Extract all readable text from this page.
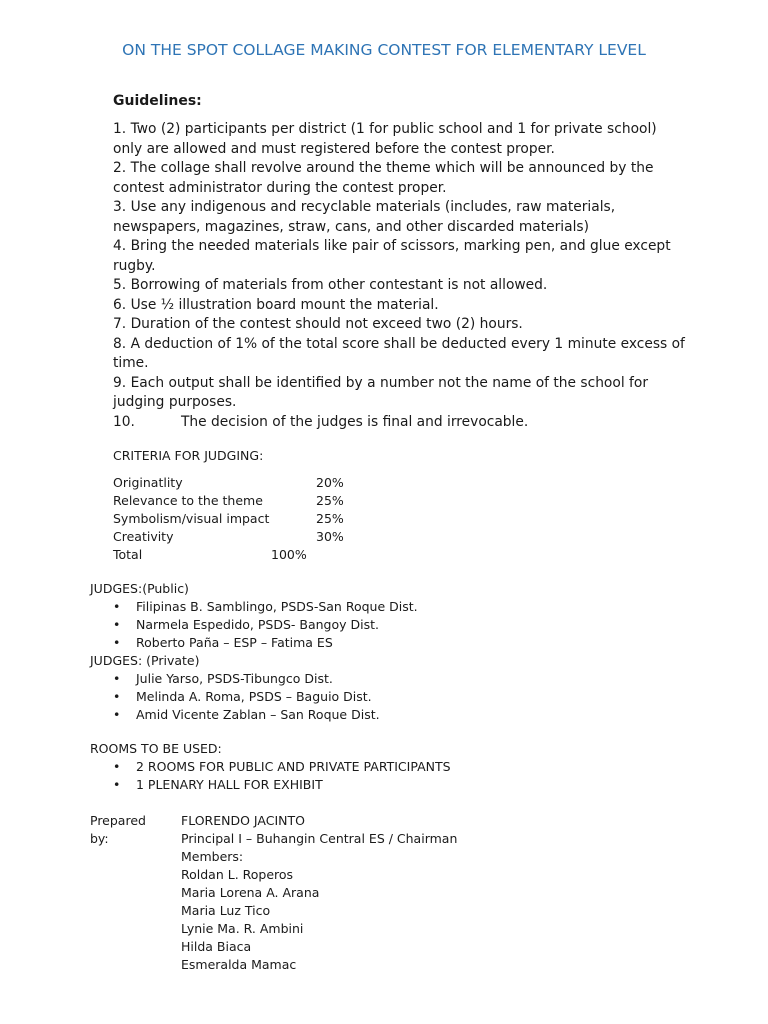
ON THE SPOT COLLAGE MAKING CONTEST FOR ELEMENTARY LEVEL
Guidelines:
1. Two (2) participants per district (1 for public school and 1 for private school) only are allowed and must registered before the contest proper.
2. The collage shall revolve around the theme which will be announced by the contest administrator during the contest proper.
3. Use any indigenous and recyclable materials (includes, raw materials, newspapers, magazines, straw, cans, and other discarded materials)
4. Bring the needed materials like pair of scissors, marking pen, and glue except rugby.
5. Borrowing of materials from other contestant is not allowed.
6. Use ½ illustration board mount the material.
7. Duration of the contest should not exceed two (2) hours.
8. A deduction of 1% of the total score shall be deducted every 1 minute excess of time.
9. Each output shall be identified by a number not the name of the school for judging purposes.
10.	The decision of the judges is final and irrevocable.

CRITERIA FOR JUDGING:

Originatlity	20%
Relevance to the theme	25%
Symbolism/visual impact	25%
Creativity	30%
Total	100%

JUDGES:(Public)

• Filipinas B. Samblingo, PSDS-San Roque Dist.
• Narmela Espedido, PSDS- Bangoy Dist.
• Roberto Paña – ESP – Fatima ES

JUDGES: (Private)

• Julie Yarso, PSDS-Tibungco Dist.
• Melinda A. Roma, PSDS – Baguio Dist.
• Amid Vicente Zablan – San Roque Dist.

ROOMS TO BE USED:

• 2 ROOMS FOR PUBLIC AND PRIVATE PARTICIPANTS
• 1 PLENARY HALL FOR EXHIBIT
Prepared by:
FLORENDO JACINTO
Principal I – Buhangin Central ES / Chairman
Members:
Roldan L. Roperos
Maria Lorena A. Arana
Maria Luz Tico
Lynie Ma. R. Ambini
Hilda Biaca
Esmeralda Mamac
